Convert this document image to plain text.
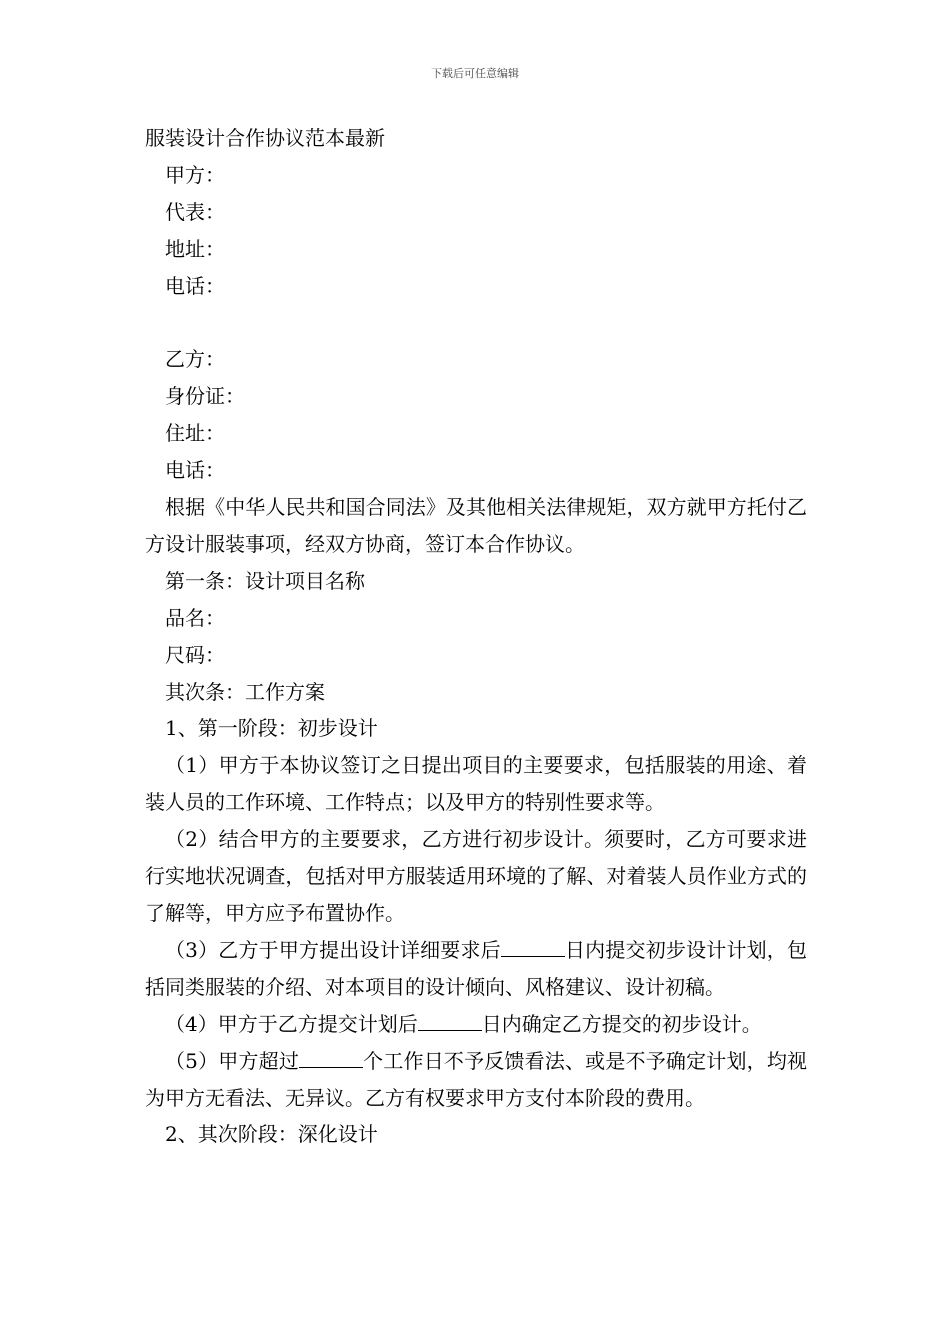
下载后可任意编辑
服装设计合作协议范本最新

甲方：

代表：

地址：

电话：

乙方：

身份证：

住址：

电话：

根据《中华人民共和国合同法》及其他相关法律规矩，双方就甲方托付乙方设计服装事项，经双方协商，签订本合作协议。

第一条：设计项目名称

品名：

尺码：

其次条：工作方案

1、第一阶段：初步设计

（1）甲方于本协议签订之日提出项目的主要要求，包括服装的用途、着装人员的工作环境、工作特点；以及甲方的特别性要求等。

（2）结合甲方的主要要求，乙方进行初步设计。须要时，乙方可要求进行实地状况调查，包括对甲方服装适用环境的了解、对着装人员作业方式的了解等，甲方应予布置协作。

（3）乙方于甲方提出设计详细要求后	日内提交初步设计计划，包括同类服装的介绍、对本项目的设计倾向、风格建议、设计初稿。

（4）甲方于乙方提交计划后	日内确定乙方提交的初步设计。

（5）甲方超过	个工作日不予反馈看法、或是不予确定计划，均视为甲方无看法、无异议。乙方有权要求甲方支付本阶段的费用。

2、其次阶段：深化设计
